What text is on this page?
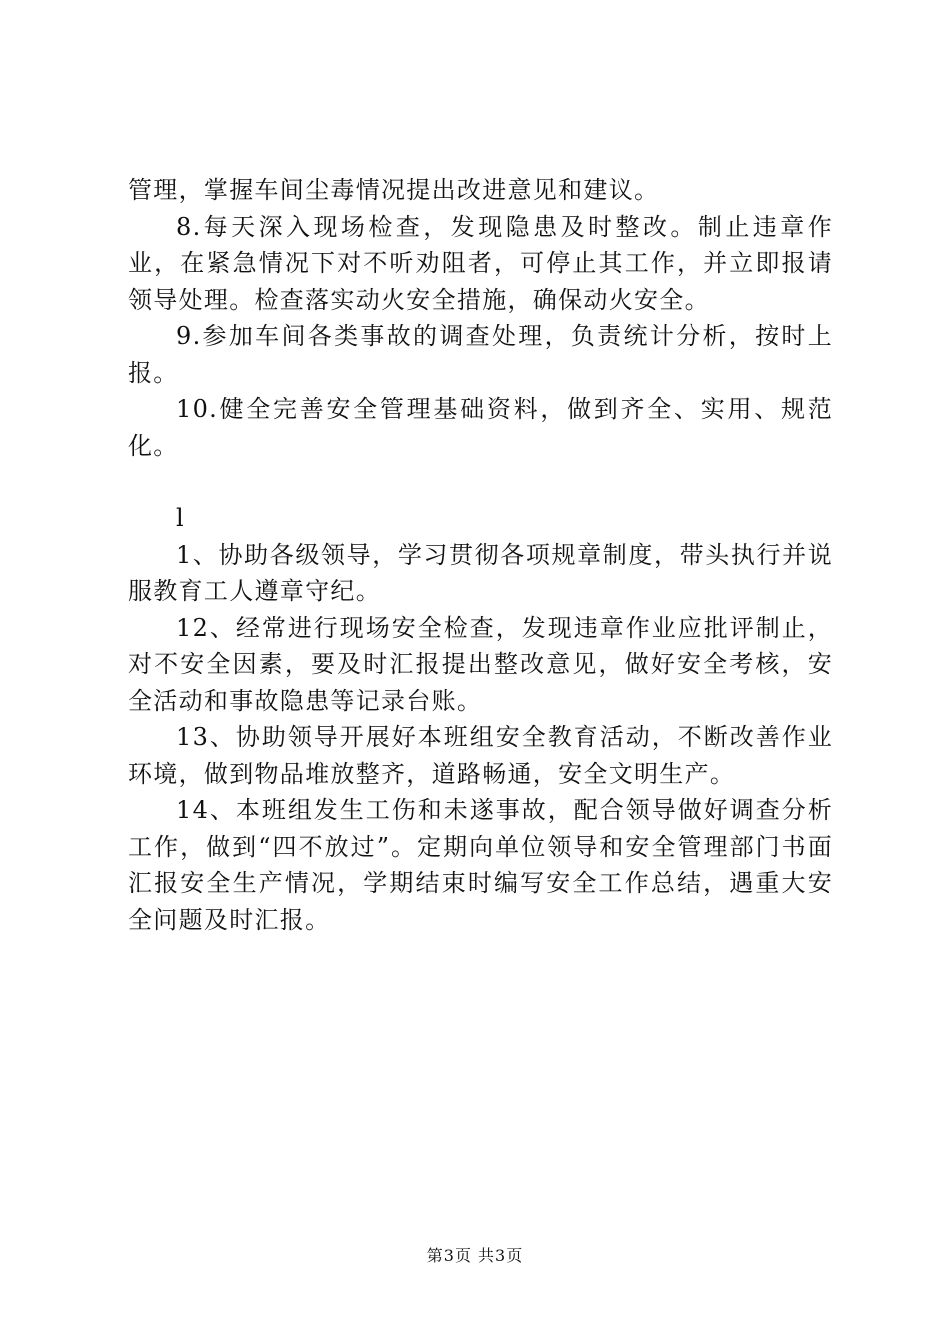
管理，掌握车间尘毒情况提出改进意见和建议。

8.每天深入现场检查，发现隐患及时整改。制止违章作业，在紧急情况下对不听劝阻者，可停止其工作，并立即报请领导处理。检查落实动火安全措施，确保动火安全。

9.参加车间各类事故的调查处理，负责统计分析，按时上报。

10.健全完善安全管理基础资料，做到齐全、实用、规范化。

l

1、协助各级领导，学习贯彻各项规章制度，带头执行并说服教育工人遵章守纪。

12、经常进行现场安全检查，发现违章作业应批评制止，对不安全因素，要及时汇报提出整改意见，做好安全考核，安全活动和事故隐患等记录台账。

13、协助领导开展好本班组安全教育活动，不断改善作业环境，做到物品堆放整齐，道路畅通，安全文明生产。

14、本班组发生工伤和未遂事故，配合领导做好调查分析工作，做到“四不放过”。定期向单位领导和安全管理部门书面汇报安全生产情况，学期结束时编写安全工作总结，遇重大安全问题及时汇报。

第3页 共3页
